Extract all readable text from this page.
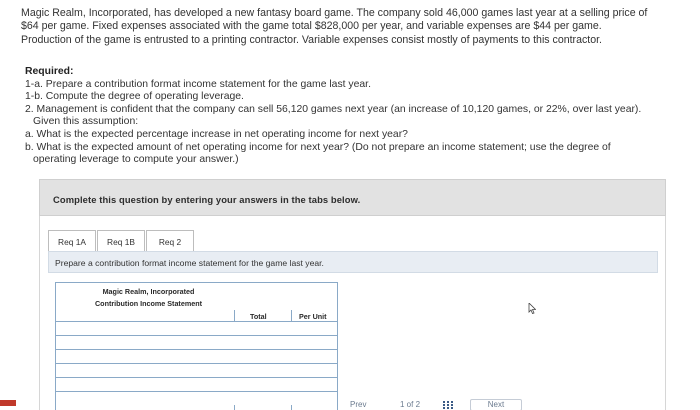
Magic Realm, Incorporated, has developed a new fantasy board game. The company sold 46,000 games last year at a selling price of

$64 per game. Fixed expenses associated with the game total $828,000 per year, and variable expenses are $44 per game.

Production of the game is entrusted to a printing contractor. Variable expenses consist mostly of payments to this contractor.

Required:
1-a. Prepare a contribution format income statement for the game last year.
1-b. Compute the degree of operating leverage.
2. Management is confident that the company can sell 56,120 games next year (an increase of 10,120 games, or 22%, over last year).
Given this assumption:
a. What is the expected percentage increase in net operating income for next year?
b. What is the expected amount of net operating income for next year? (Do not prepare an income statement; use the degree of
operating leverage to compute your answer.)
Complete this question by entering your answers in the tabs below.
Req 1A	Req 1B	Req 2
Prepare a contribution format income statement for the game last year.
Magic Realm, Incorporated
Contribution Income Statement
Total	Per Unit
Prev	1 of 2	Next
